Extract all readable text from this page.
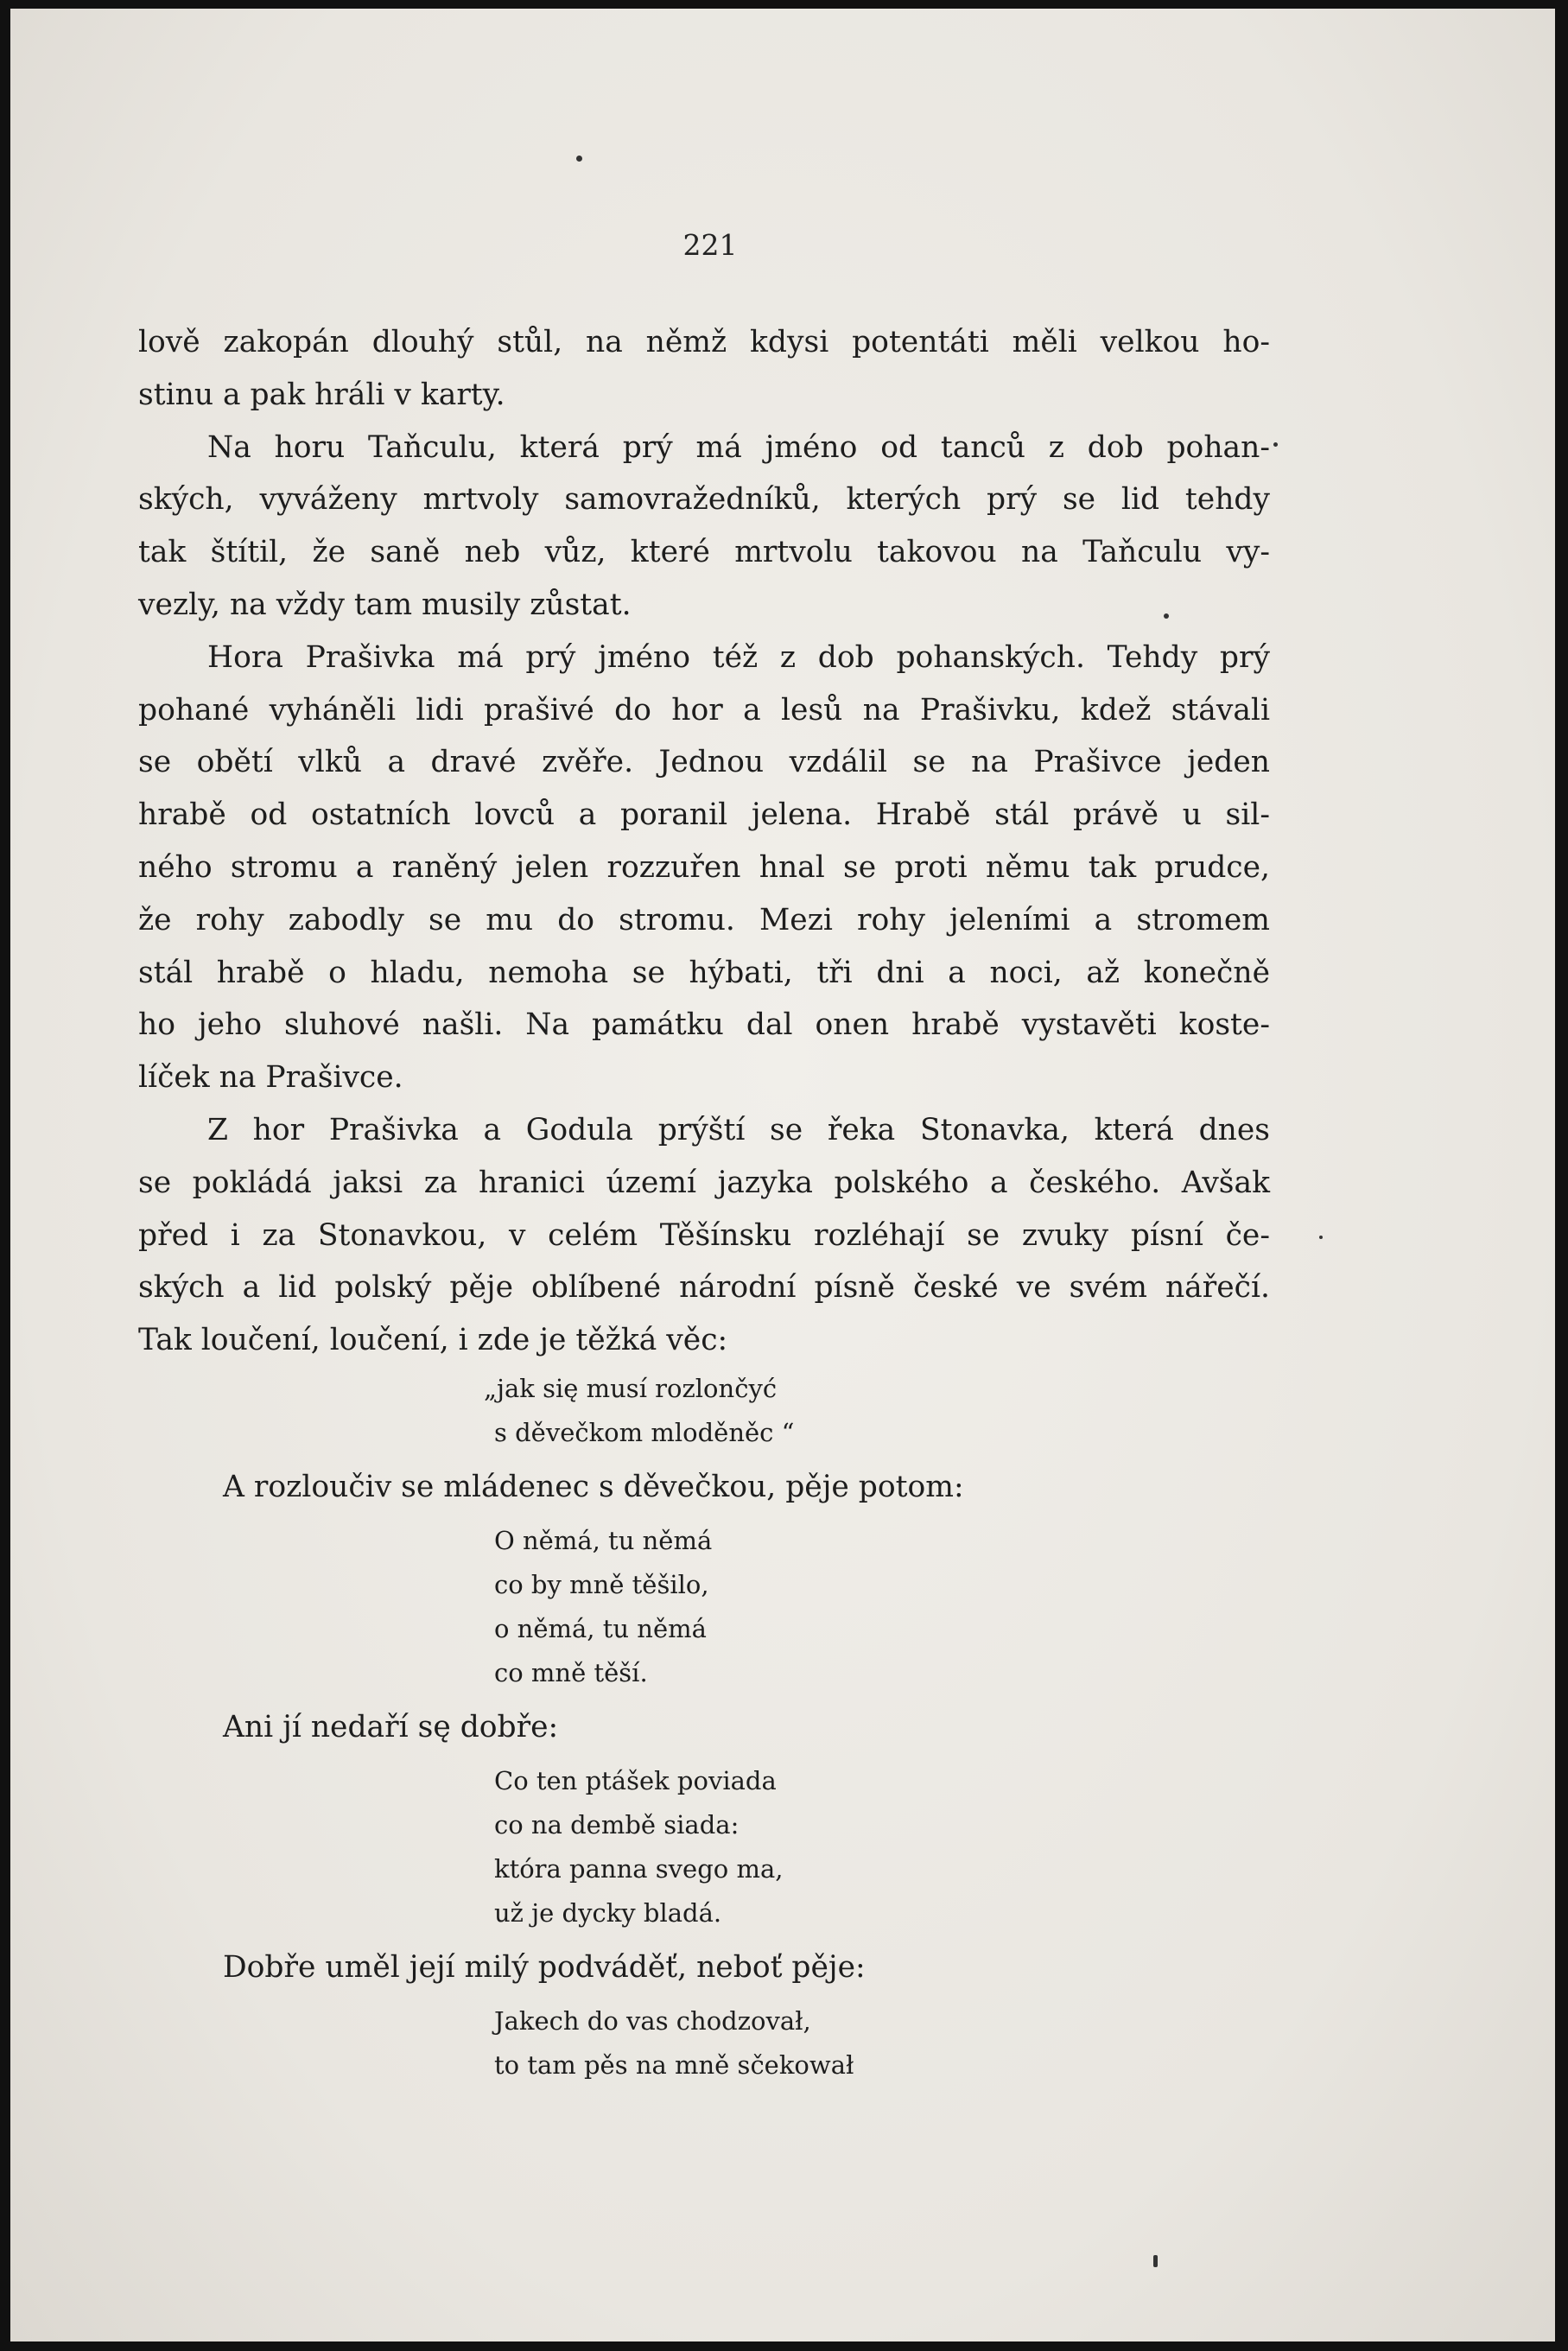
221
lově zakopán dlouhý stůl, na němž kdysi potentáti měli velkou ho-
stinu a pak hráli v karty.
Na horu Taňculu, která prý má jméno od tanců z dob pohan-
ských, vyváženy mrtvoly samovražedníků, kterých prý se lid tehdy
tak štítil, že saně neb vůz, které mrtvolu takovou na Taňculu vy-
vezly, na vždy tam musily zůstat.
Hora Prašivka má prý jméno též z dob pohanských. Tehdy prý
pohané vyháněli lidi prašivé do hor a lesů na Prašivku, kdež stávali
se obětí vlků a dravé zvěře. Jednou vzdálil se na Prašivce jeden
hrabě od ostatních lovců a poranil jelena. Hrabě stál právě u sil-
ného stromu a raněný jelen rozzuřen hnal se proti němu tak prudce,
že rohy zabodly se mu do stromu. Mezi rohy jeleními a stromem
stál hrabě o hladu, nemoha se hýbati, tři dni a noci, až konečně
ho jeho sluhové našli. Na památku dal onen hrabě vystavěti koste-
líček na Prašivce.
Z hor Prašivka a Godula prýští se řeka Stonavka, která dnes
se pokládá jaksi za hranici území jazyka polského a českého. Avšak
před i za Stonavkou, v celém Těšínsku rozléhají se zvuky písní če-
ských a lid polský pěje oblíbené národní písně české ve svém nářečí.
Tak loučení, loučení, i zde je těžká věc:
„jak się musí rozlončyć
s děvečkom mloděněc “
A rozloučiv se mládenec s děvečkou, pěje potom:
O němá, tu němá
co by mně těšilo,
o němá, tu němá
co mně těší.
Ani jí nedaří sę dobře:
Co ten ptášek poviada
co na dembě siada:
która panna svego ma,
už je dycky bladá.
Dobře uměl její milý podváděť, neboť pěje:
Jakech do vas chodzovał,
to tam pěs na mně sčekował
